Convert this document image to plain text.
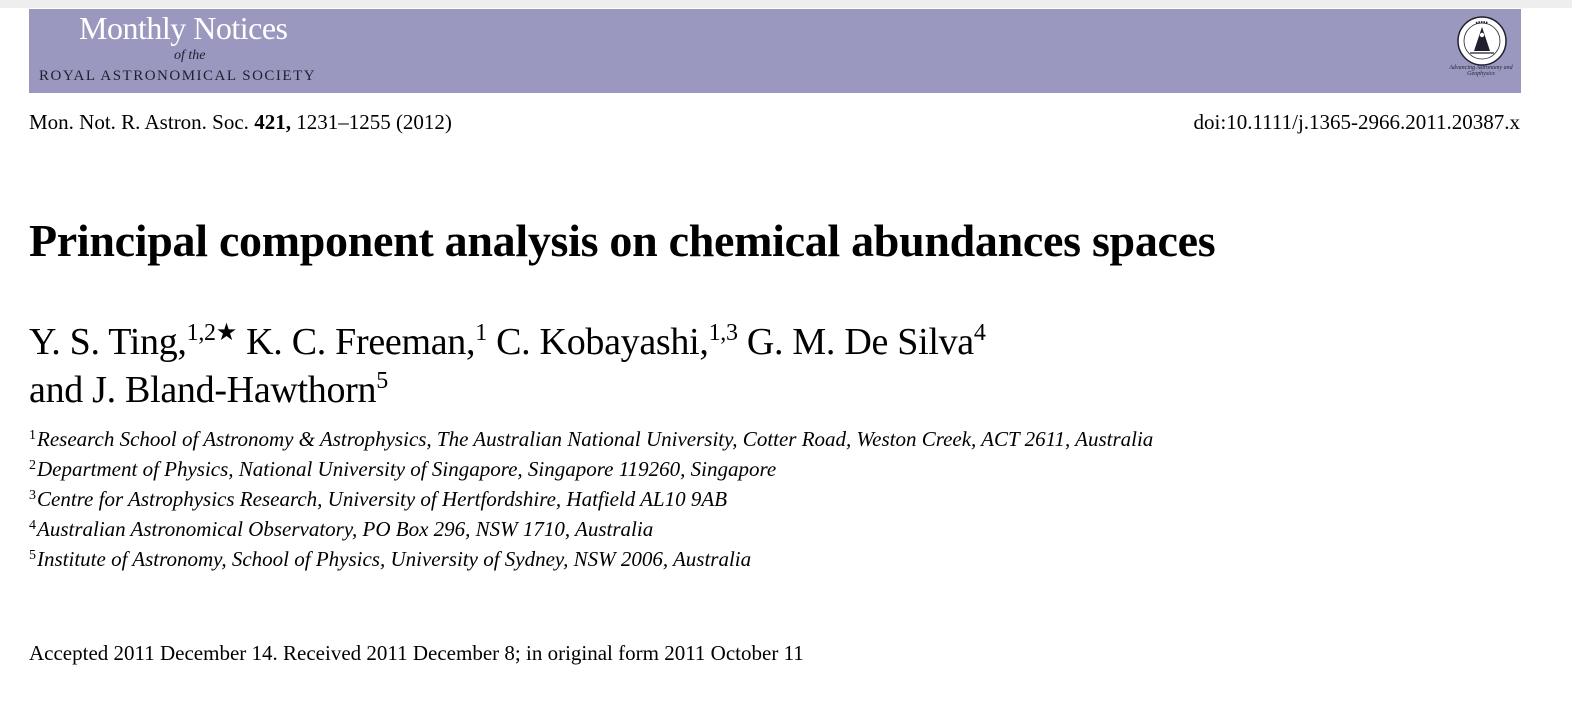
Monthly Notices
of the
ROYAL ASTRONOMICAL SOCIETY	Advancing Astronomy and Geophysics
Mon. Not. R. Astron. Soc. 421, 1231–1255 (2012)	doi:10.1111/j.1365-2966.2011.20387.x
Principal component analysis on chemical abundances spaces
Y. S. Ting,$^{1,2★}$ K. C. Freeman,$^1$ C. Kobayashi,$^{1,3}$ G. M. De Silva$^4$
and J. Bland-Hawthorn$^5$
$^1$Research School of Astronomy & Astrophysics, The Australian National University, Cotter Road, Weston Creek, ACT 2611, Australia
$^2$Department of Physics, National University of Singapore, Singapore 119260, Singapore
$^3$Centre for Astrophysics Research, University of Hertfordshire, Hatfield AL10 9AB
$^4$Australian Astronomical Observatory, PO Box 296, NSW 1710, Australia
$^5$Institute of Astronomy, School of Physics, University of Sydney, NSW 2006, Australia
Accepted 2011 December 14. Received 2011 December 8; in original form 2011 October 11
